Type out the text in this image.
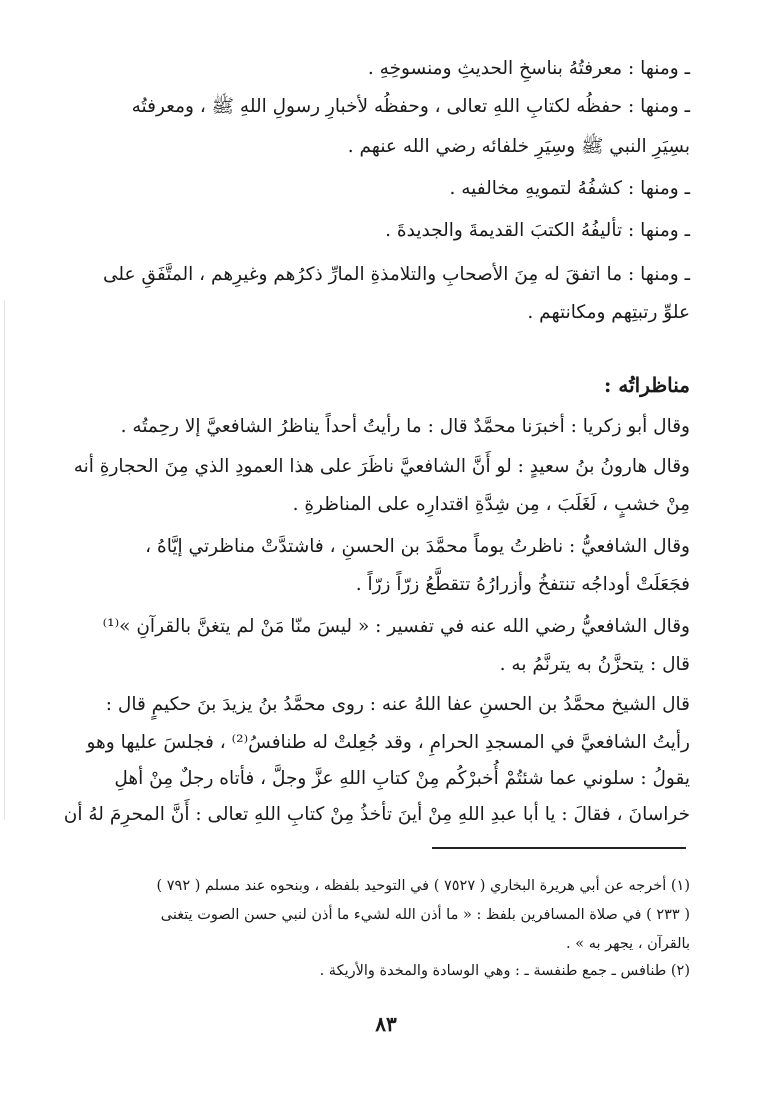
ـ ومنها : معرفتُهُ بناسخِ الحديثِ ومنسوخِهِ .
ـ ومنها : حفظُه لكتابِ اللهِ تعالى ، وحفظُه لأخبارِ رسولِ اللهِ ﷺ ، ومعرفتُه
بسِيَرِ النبي ﷺ وسِيَرِ خلفائه رضي الله عنهم .
ـ ومنها : كشفُهُ لتمويهِ مخالفيه .
ـ ومنها : تأليفُهُ الكتبَ القديمةَ والجديدةَ .
ـ ومنها : ما اتفقَ له مِنَ الأصحابِ والتلامذةِ المارِّ ذكرُهم وغيرِهم ، المتَّفَقِ على
علوِّ رتبتِهم ومكانتهم .
مناظراتُه :
وقال أبو زكريا : أخبرَنا محمَّدٌ قال : ما رأيتُ أحداً يناظرُ الشافعيَّ إلا رحِمتُه .
وقال هارونُ بنُ سعيدٍ : لو أَنَّ الشافعيَّ ناظَرَ على هذا العمودِ الذي مِنَ الحجارةِ أنه
مِنْ خشبٍ ، لَغَلَبَ ، مِن شِدَّةِ اقتدارِه على المناظرةِ .
وقال الشافعيُّ : ناظرتُ يوماً محمَّدَ بن الحسنِ ، فاشتدَّتْ مناظرتي إيَّاهُ ،
فجَعَلَتْ أوداجُه تنتفخُ وأزرارُهُ تتقطَّعُ زرّاً زرّاً .
وقال الشافعيُّ رضي الله عنه في تفسير : « ليسَ منّا مَنْ لم يتغنَّ بالقرآنِ »⁽¹⁾
قال : يتحزَّنُ به يترنَّمُ به .
قال الشيخ محمَّدُ بن الحسنِ عفا اللهُ عنه : روى محمَّدُ بنُ يزيدَ بنَ حكيمٍ قال :
رأيتُ الشافعيَّ في المسجدِ الحرامِ ، وقد جُعِلتْ له طنافسُ⁽²⁾ ، فجلسَ عليها وهو
يقولُ : سلوني عما شئتُمْ أُخبرْكُم مِنْ كتابِ اللهِ عزَّ وجلَّ ، فأتاه رجلٌ مِنْ أهلِ
خراسانَ ، فقالَ : يا أبا عبدِ اللهِ مِنْ أينَ تأخذُ مِنْ كتابِ اللهِ تعالى : أَنَّ المحرِمَ لهُ أن
(١) أخرجه عن أبي هريرة البخاري ( ٧٥٢٧ ) في التوحيد بلفظه ، وبنحوه عند مسلم ( ٧٩٢ )
( ٢٣٣ ) في صلاة المسافرين بلفظ : « ما أذن الله لشيء ما أذن لنبي حسن الصوت يتغنى
بالقرآن ، يجهر به » .
(٢) طنافس ـ جمع طنفسة ـ : وهي الوسادة والمخدة والأريكة .
٨٣
